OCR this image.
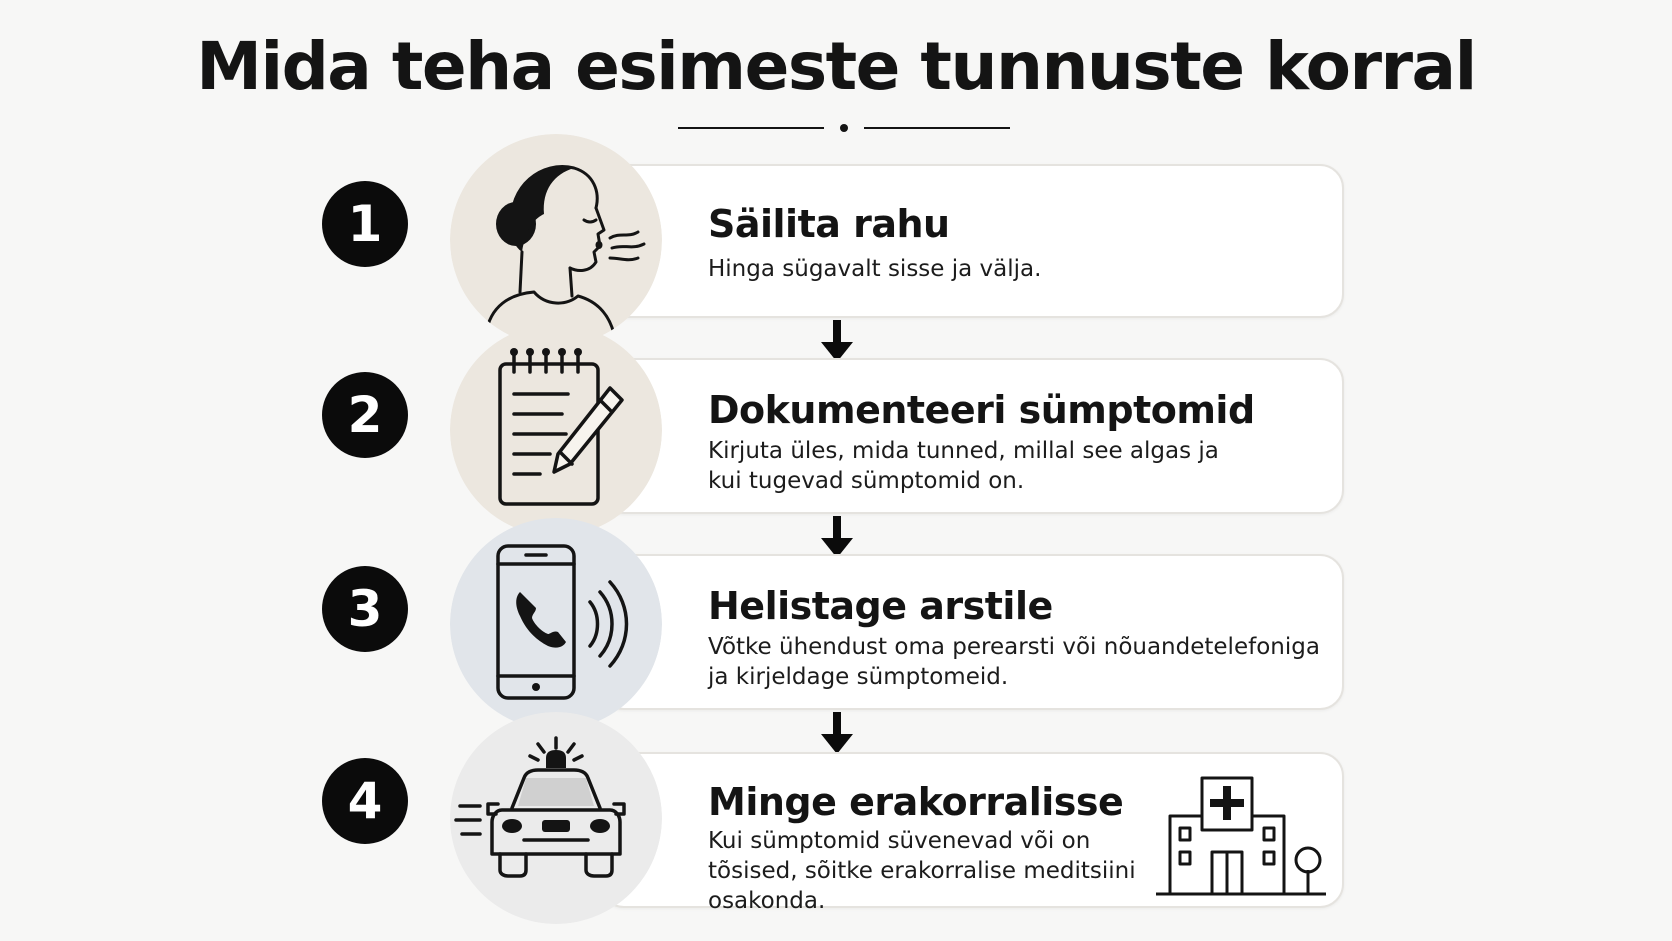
Mida teha esimeste tunnuste korral
1	Säilita rahu
Hinga sügavalt sisse ja välja.
2	Dokumenteeri sümptomid
Kirjuta üles, mida tunned, millal see algas ja kui tugevad sümptomid on.
3	Helistage arstile
Võtke ühendust oma perearsti või nõuandetelefoniga ja kirjeldage sümptomeid.
4	Minge erakorralisse
Kui sümptomid süvenevad või on tõsised, sõitke erakorralise meditsiini osakonda.
